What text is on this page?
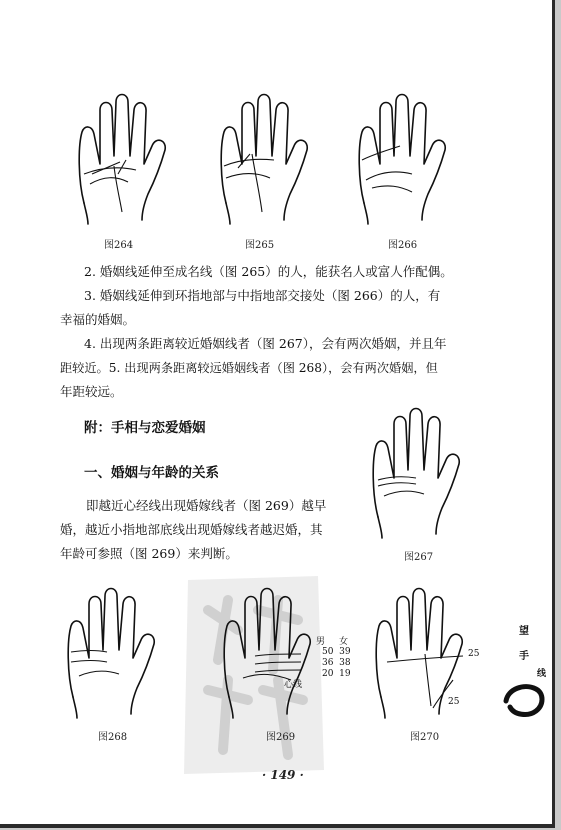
图264	图265	图266
2. 婚姻线延伸至成名线（图 265）的人，能获名人或富人作配偶。
3. 婚姻线延伸到环指地部与中指地部交接处（图 266）的人，有
幸福的婚姻。
4. 出现两条距离较近婚姻线者（图 267），会有两次婚姻，并且年
距较近。5. 出现两条距离较远婚姻线者（图 268），会有两次婚姻，但
年距较远。
附：手相与恋爱婚姻
一、婚姻与年龄的关系
即越近心经线出现婚嫁线者（图 269）越早
婚，越近小指地部底线出现婚嫁线者越迟婚，其
年龄可参照（图 269）来判断。	图267
图268
男 女
50  39
36  38
20  19
心线
图269
25
25
图270
望
手
线
· 149 ·
